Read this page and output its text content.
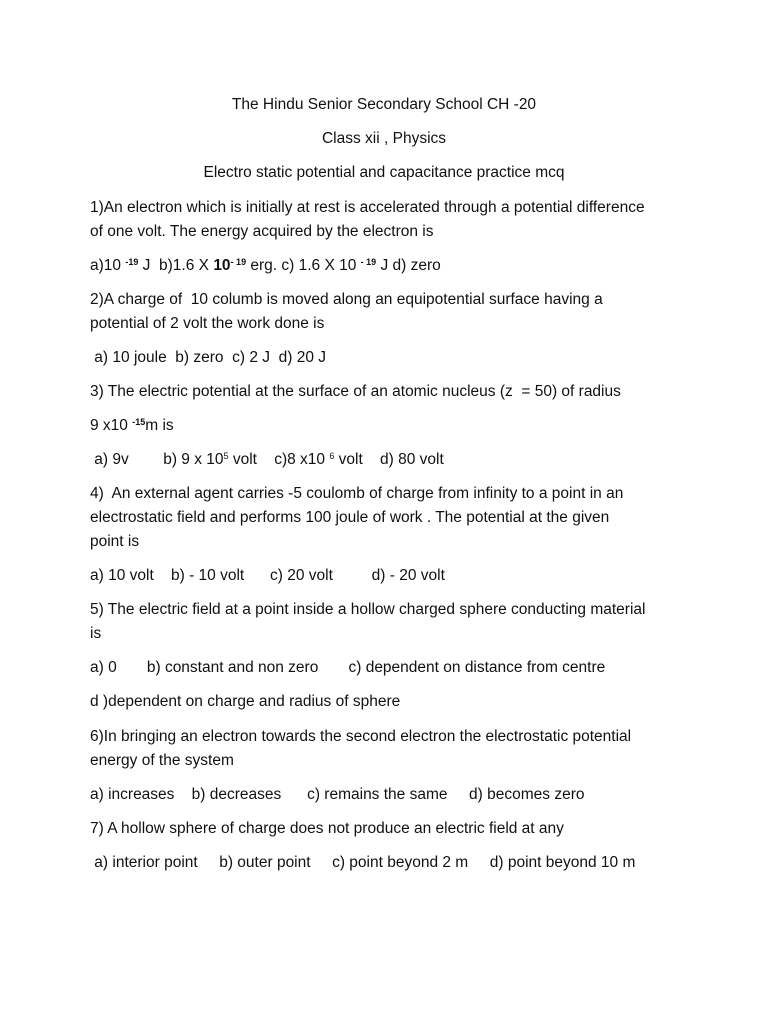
The Hindu Senior Secondary School CH -20
Class xii , Physics
Electro static potential and capacitance practice mcq
1)An electron which is initially at rest is accelerated through a potential difference
of one volt. The energy acquired by the electron is
a)10 $^{-19}$ J  b)1.6 X $10^{- 19}$ erg. c) 1.6 X 10 $^{- 19}$ J d) zero
2)A charge of  10 columb is moved along an equipotential surface having a
potential of 2 volt the work done is
a) 10 joule  b) zero  c) 2 J  d) 20 J
3) The electric potential at the surface of an atomic nucleus (z  = 50) of radius
9 x10 $^{-15}$m is
a) 9v        b) 9 x $10^5$ volt    c)8 x10 $^6$ volt    d) 80 volt
4)  An external agent carries -5 coulomb of charge from infinity to a point in an
electrostatic field and performs 100 joule of work . The potential at the given
point is
a) 10 volt    b) - 10 volt      c) 20 volt         d) - 20 volt
5) The electric field at a point inside a hollow charged sphere conducting material
is
a) 0       b) constant and non zero       c) dependent on distance from centre
d )dependent on charge and radius of sphere
6)In bringing an electron towards the second electron the electrostatic potential
energy of the system
a) increases    b) decreases      c) remains the same     d) becomes zero
7) A hollow sphere of charge does not produce an electric field at any
a) interior point     b) outer point     c) point beyond 2 m     d) point beyond 10 m
